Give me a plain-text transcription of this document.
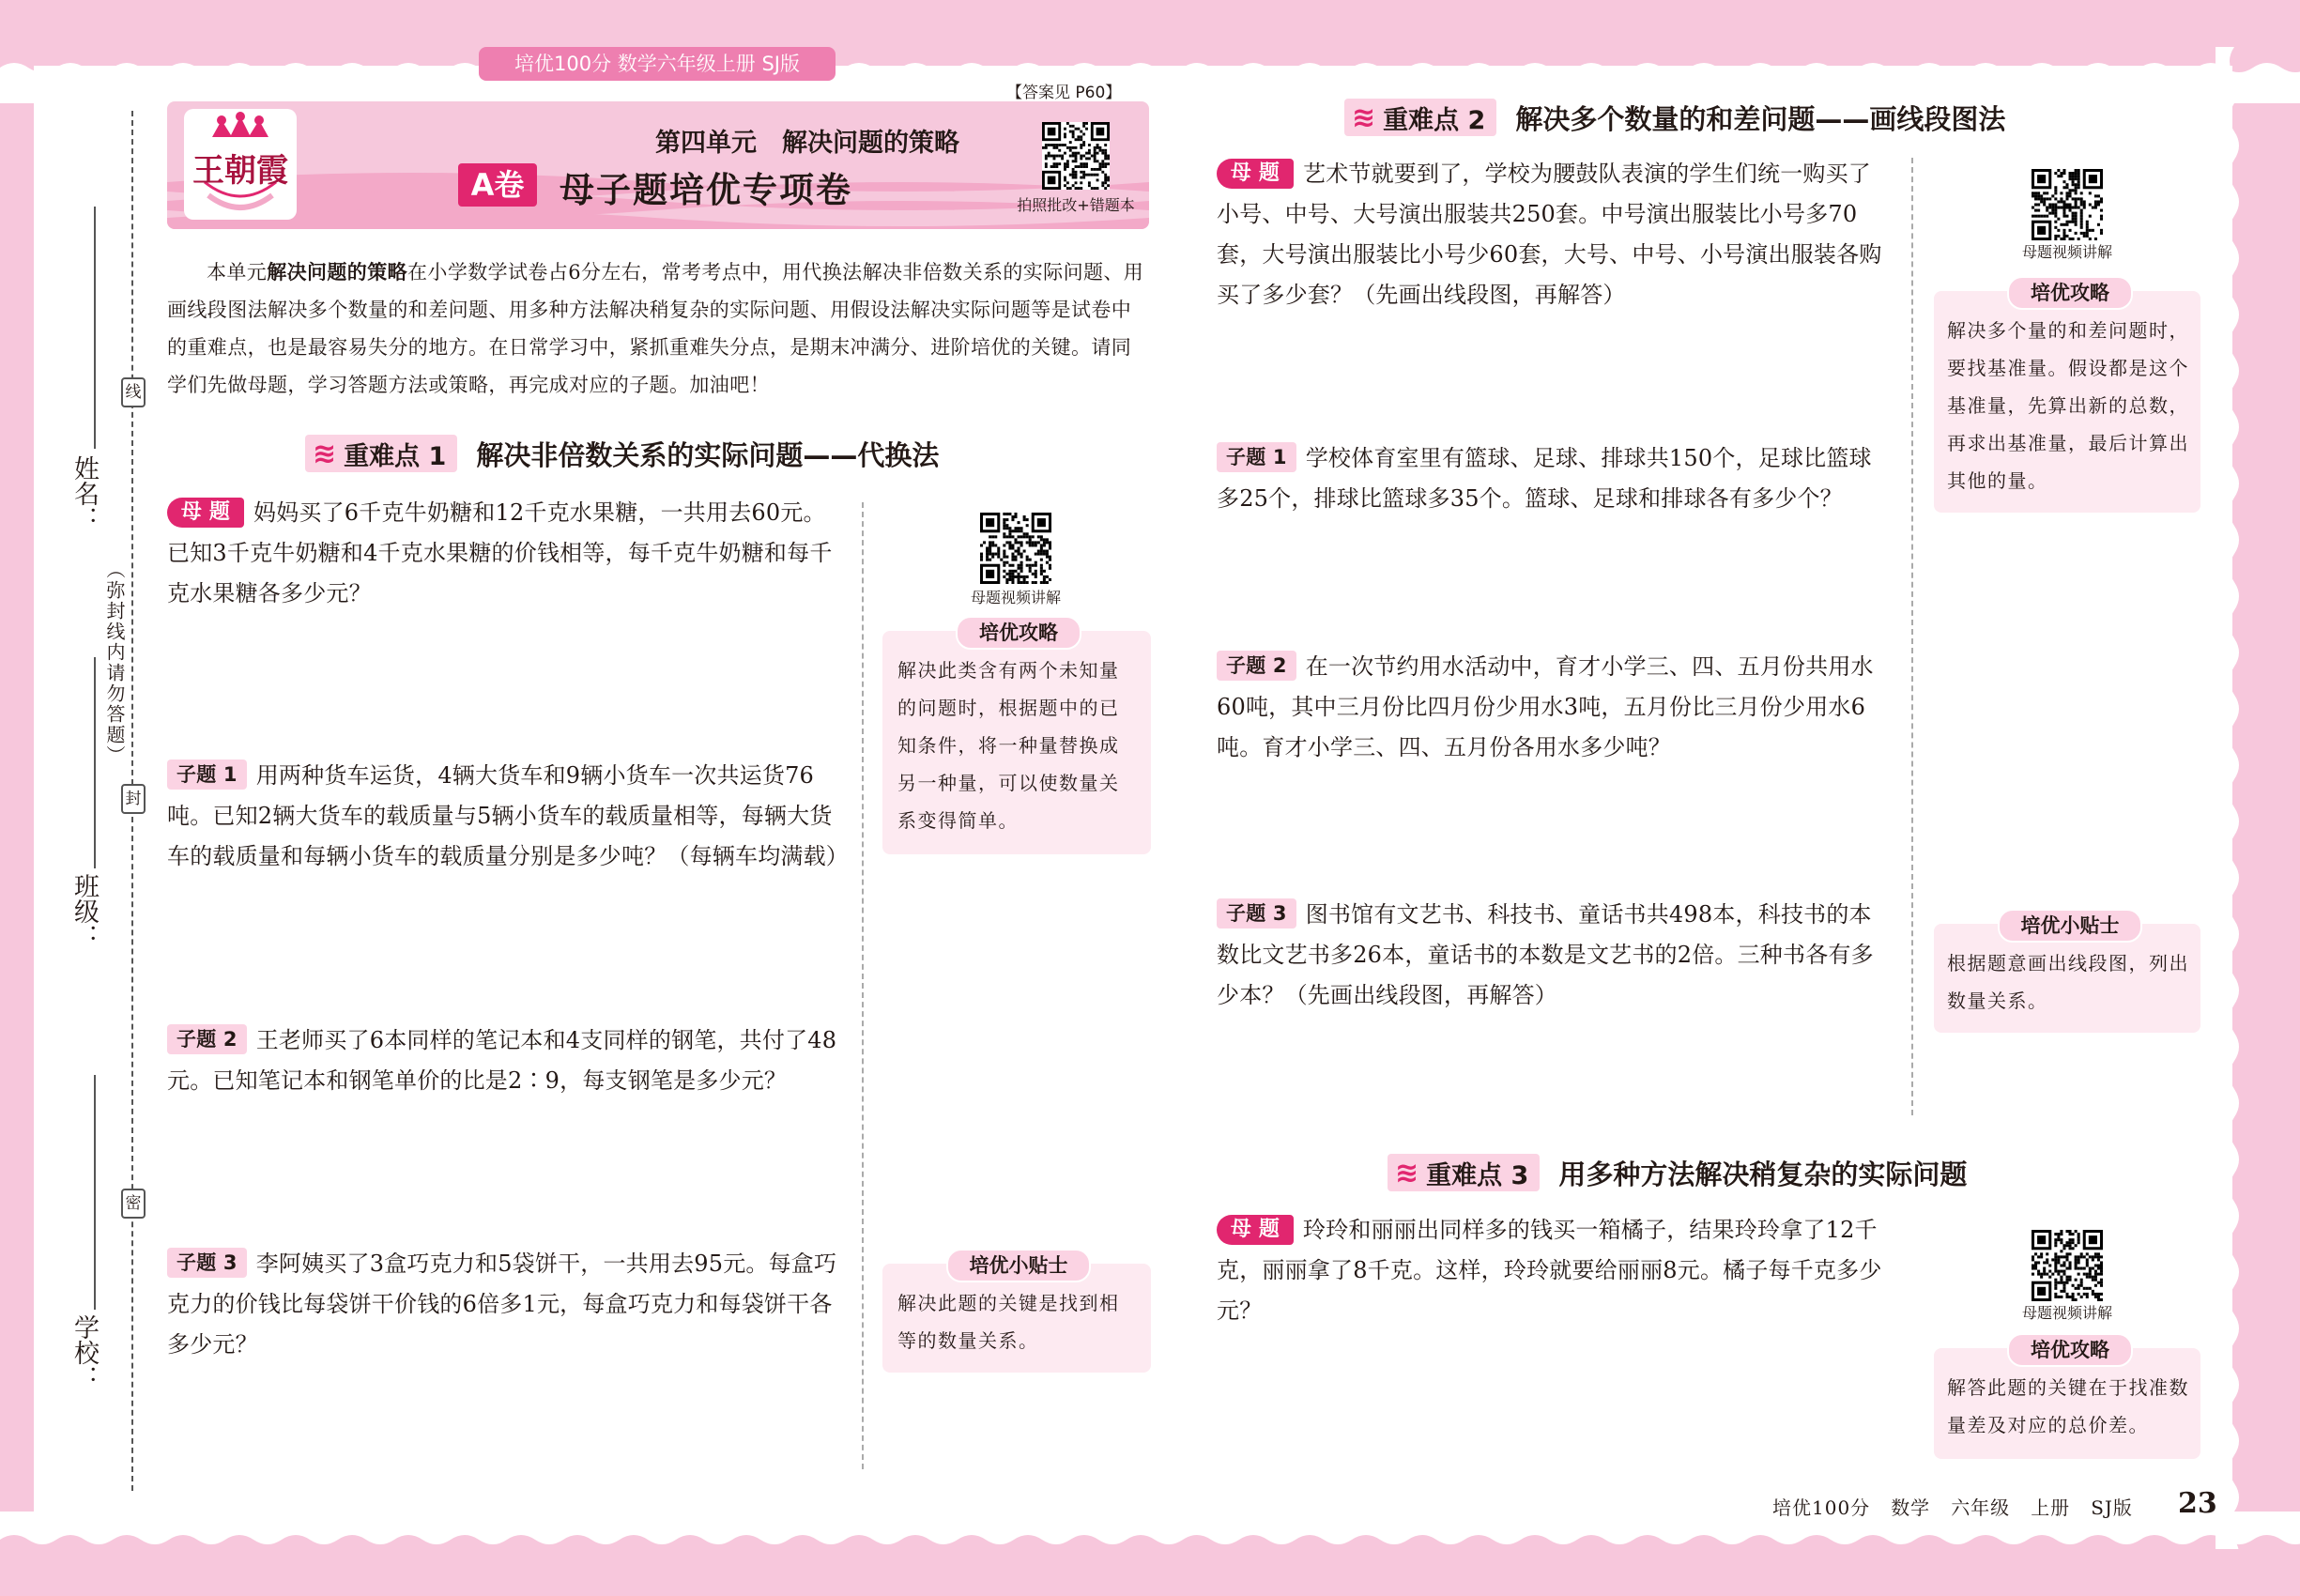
培优100分 数学六年级上册 SJ版
姓名：
班级：
学校：
线
（弥封线内请勿答题）
封
密
王朝霞
第四单元　解决问题的策略
A卷	母子题培优专项卷
【答案见 P60】
拍照批改+错题本
本单元解决问题的策略在小学数学试卷占6分左右，常考考点中，用代换法解决非倍数关系的实际问题、用画线段图法解决多个数量的和差问题、用多种方法解决稍复杂的实际问题、用假设法解决实际问题等是试卷中的重难点，也是最容易失分的地方。在日常学习中，紧抓重难失分点，是期末冲满分、进阶培优的关键。请同学们先做母题，学习答题方法或策略，再完成对应的子题。加油吧！
≋ 重难点 1 解决非倍数关系的实际问题——代换法
母 题 妈妈买了6千克牛奶糖和12千克水果糖，一共用去60元。已知3千克牛奶糖和4千克水果糖的价钱相等，每千克牛奶糖和每千克水果糖各多少元？	母题视频讲解
培优攻略
解决此类含有两个未知量的问题时，根据题中的已知条件，将一种量替换成另一种量，可以使数量关系变得简单。
子题 1 用两种货车运货，4辆大货车和9辆小货车一次共运货76吨。已知2辆大货车的载质量与5辆小货车的载质量相等，每辆大货车的载质量和每辆小货车的载质量分别是多少吨？（每辆车均满载）
子题 2 王老师买了6本同样的笔记本和4支同样的钢笔，共付了48元。已知笔记本和钢笔单价的比是2∶9，每支钢笔是多少元？
子题 3 李阿姨买了3盒巧克力和5袋饼干，一共用去95元。每盒巧克力的价钱比每袋饼干价钱的6倍多1元，每盒巧克力和每袋饼干各多少元？
培优小贴士
解决此题的关键是找到相等的数量关系。
≋ 重难点 2 解决多个数量的和差问题——画线段图法
母 题 艺术节就要到了，学校为腰鼓队表演的学生们统一购买了小号、中号、大号演出服装共250套。中号演出服装比小号多70套，大号演出服装比小号少60套，大号、中号、小号演出服装各购买了多少套？（先画出线段图，再解答）
母题视频讲解
培优攻略
解决多个量的和差问题时，要找基准量。假设都是这个基准量，先算出新的总数，再求出基准量，最后计算出其他的量。
子题 1 学校体育室里有篮球、足球、排球共150个，足球比篮球多25个，排球比篮球多35个。篮球、足球和排球各有多少个？
子题 2 在一次节约用水活动中，育才小学三、四、五月份共用水60吨，其中三月份比四月份少用水3吨，五月份比三月份少用水6吨。育才小学三、四、五月份各用水多少吨？
子题 3 图书馆有文艺书、科技书、童话书共498本，科技书的本数比文艺书多26本，童话书的本数是文艺书的2倍。三种书各有多少本？（先画出线段图，再解答）
培优小贴士
根据题意画出线段图，列出数量关系。
≋ 重难点 3 用多种方法解决稍复杂的实际问题
母 题 玲玲和丽丽出同样多的钱买一箱橘子，结果玲玲拿了12千克，丽丽拿了8千克。这样，玲玲就要给丽丽8元。橘子每千克多少元？	母题视频讲解
培优攻略
解答此题的关键在于找准数量差及对应的总价差。
培优100分 数学 六年级 上册 SJ版	23
